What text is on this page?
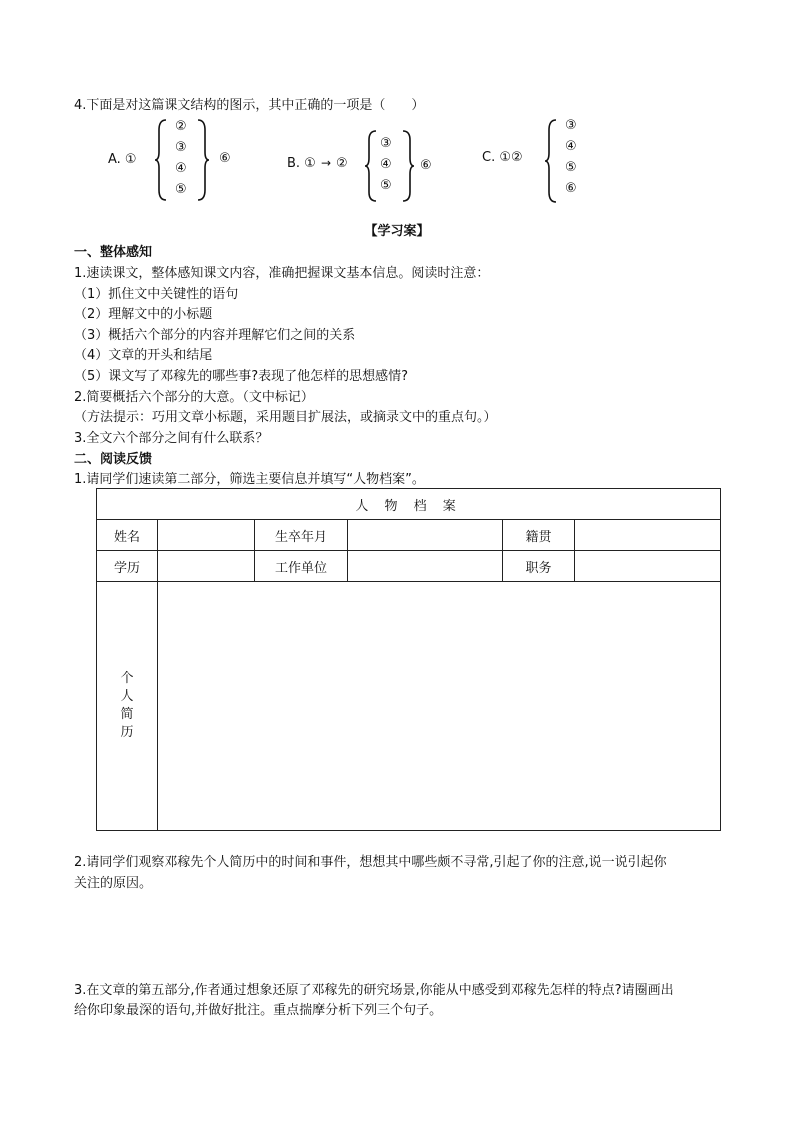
4.下面是对这篇课文结构的图示，其中正确的一项是（　　）
A. ①
②
③
④
⑤
⑥	B. ① → ②
③
④
⑤
⑥
C. ①②
③
④
⑤
⑥
【学习案】
一、整体感知
1.速读课文，整体感知课文内容，准确把握课文基本信息。阅读时注意：
（1）抓住文中关键性的语句
（2）理解文中的小标题
（3）概括六个部分的内容并理解它们之间的关系
（4）文章的开头和结尾
（5）课文写了邓稼先的哪些事?表现了他怎样的思想感情?
2.简要概括六个部分的大意。（文中标记）
（方法提示：巧用文章小标题，采用题目扩展法，或摘录文中的重点句。）
3.全文六个部分之间有什么联系？
二、阅读反馈
1.请同学们速读第二部分，筛选主要信息并填写“人物档案”。
人 物 档 案					
姓名		生卒年月		籍贯	
学历		工作单位		职务	
个人简历					
2.请同学们观察邓稼先个人简历中的时间和事件，想想其中哪些颇不寻常,引起了你的注意,说一说引起你
关注的原因。
3.在文章的第五部分,作者通过想象还原了邓稼先的研究场景,你能从中感受到邓稼先怎样的特点?请圈画出
给你印象最深的语句,并做好批注。重点揣摩分析下列三个句子。
